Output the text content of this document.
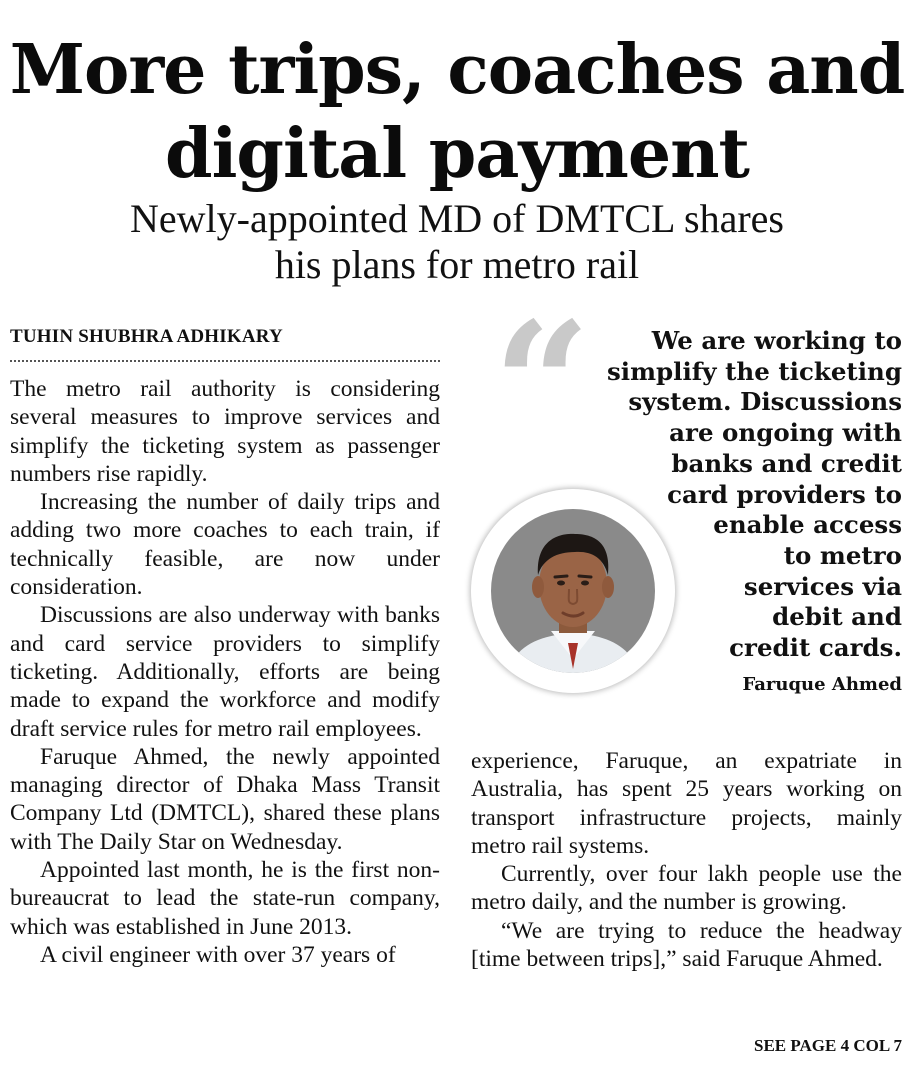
More trips, coaches and
digital payment
Newly-appointed MD of DMTCL shares
his plans for metro rail
TUHIN SHUBHRA ADHIKARY

The metro rail authority is considering several measures to improve services and simplify the ticketing system as passenger numbers rise rapidly.

Increasing the number of daily trips and adding two more coaches to each train, if technically feasible, are now under consideration.

Discussions are also underway with banks and card service providers to simplify ticketing. Additionally, efforts are being made to expand the workforce and modify draft service rules for metro rail employees.

Faruque Ahmed, the newly appointed managing director of Dhaka Mass Transit Company Ltd (DMTCL), shared these plans with The Daily Star on Wednesday.

Appointed last month, he is the first non-bureaucrat to lead the state-run company, which was established in June 2013.

A civil engineer with over 37 years of

“	We are working to
simplify the ticketing
system. Discussions
are ongoing with
banks and credit
card providers to
enable access
to metro
services via
debit and
credit cards.
Faruque Ahmed

experience, Faruque, an expatriate in Australia, has spent 25 years working on transport infrastructure projects, mainly metro rail systems.

Currently, over four lakh people use the metro daily, and the number is growing.

“We are trying to reduce the headway [time between trips],” said Faruque Ahmed.

SEE PAGE 4 COL 7
